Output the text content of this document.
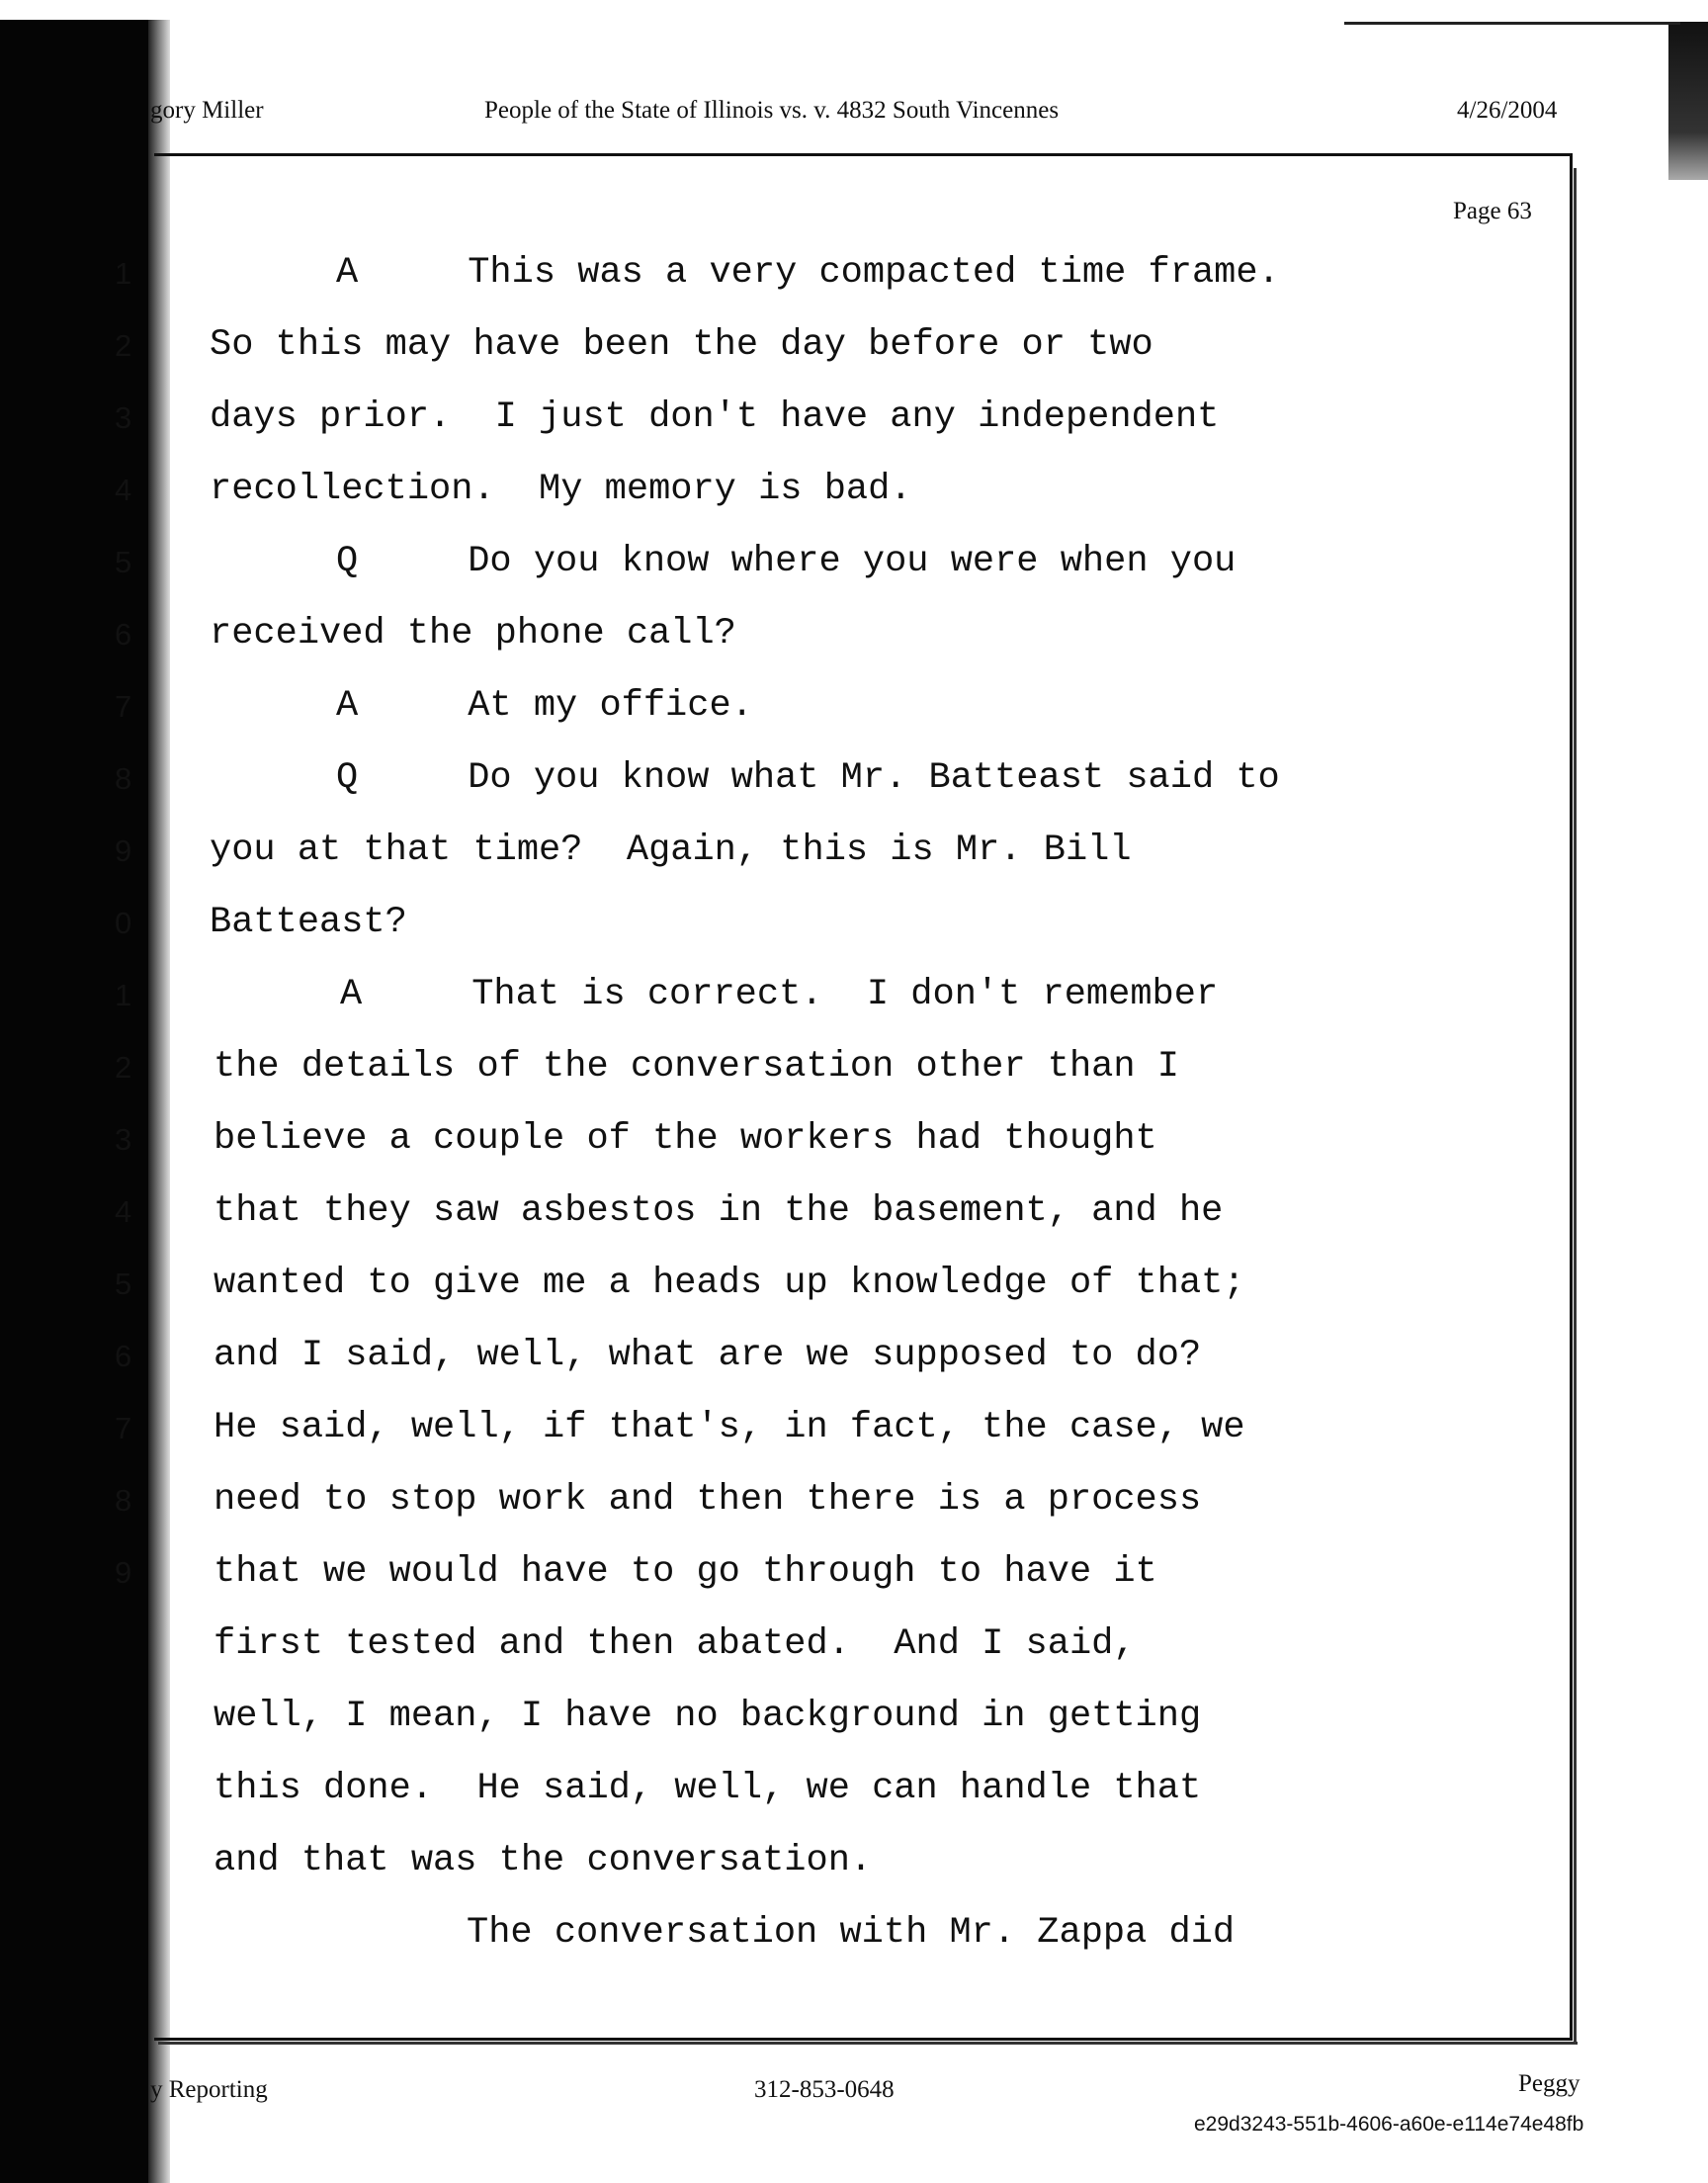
gory Miller	People of the State of Illinois vs. v. 4832 South Vincennes	4/26/2004
Page 63
1	A     This was a very compacted time frame.
2	So this may have been the day before or two
3	days prior.  I just don't have any independent
4	recollection.  My memory is bad.
5	Q     Do you know where you were when you
6	received the phone call?
7	A     At my office.
8	Q     Do you know what Mr. Batteast said to
9	you at that time?  Again, this is Mr. Bill
0	Batteast?
1	A     That is correct.  I don't remember
2	the details of the conversation other than I
3	believe a couple of the workers had thought
4	that they saw asbestos in the basement, and he
5	wanted to give me a heads up knowledge of that;
6	and I said, well, what are we supposed to do?
7	He said, well, if that's, in fact, the case, we
8	need to stop work and then there is a process
9	that we would have to go through to have it
first tested and then abated.  And I said,
well, I mean, I have no background in getting
this done.  He said, well, we can handle that
and that was the conversation.
The conversation with Mr. Zappa did
y Reporting	312-853-0648	Peggy
e29d3243-551b-4606-a60e-e114e74e48fb
